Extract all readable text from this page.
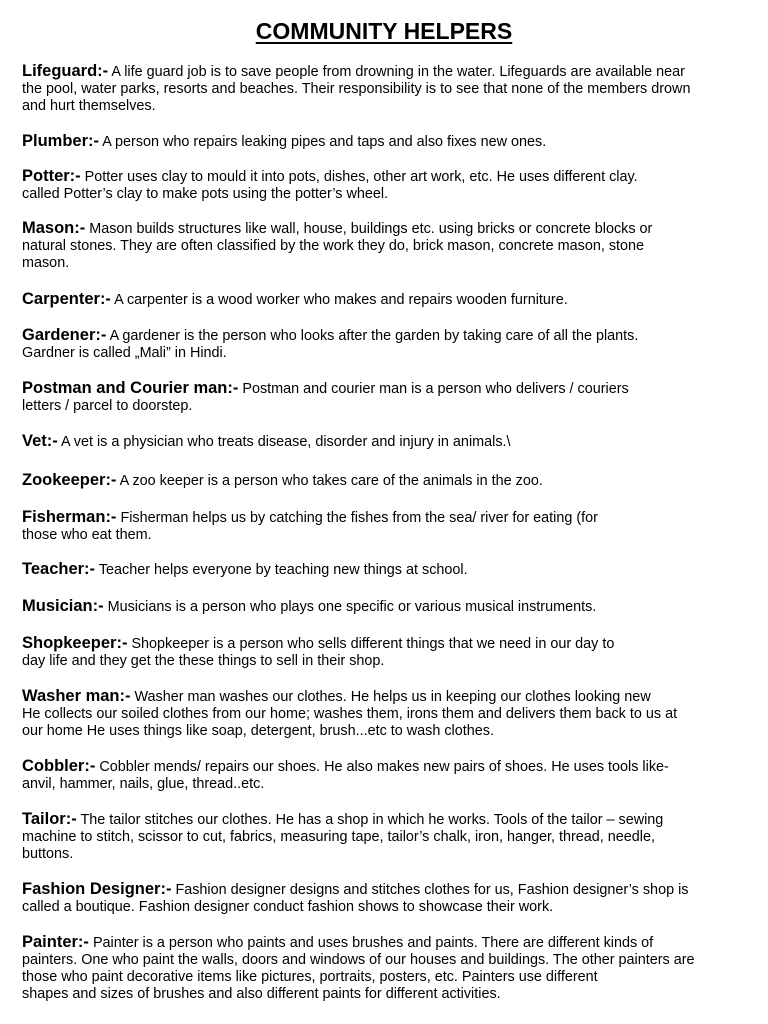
COMMUNITY HELPERS
Lifeguard:- A life guard job is to save people from drowning in the water. Lifeguards are available near
the pool, water parks, resorts and beaches. Their responsibility is to see that none of the members drown
and hurt themselves.
Plumber:- A person who repairs leaking pipes and taps and also fixes new ones.
Potter:- Potter uses clay to mould it into pots, dishes, other art work, etc. He uses different clay.
called Potter’s clay to make pots using the potter’s wheel.
Mason:- Mason builds structures like wall, house, buildings etc. using bricks or concrete blocks or
natural stones. They are often classified by the work they do, brick mason, concrete mason, stone
mason.
Carpenter:- A carpenter is a wood worker who makes and repairs wooden furniture.
Gardener:- A gardener is the person who looks after the garden by taking care of all the plants.
Gardner is called „Mali” in Hindi.
Postman and Courier man:- Postman and courier man is a person who delivers / couriers
letters / parcel to doorstep.
Vet:- A vet is a physician who treats disease, disorder and injury in animals.\
Zookeeper:- A zoo keeper is a person who takes care of the animals in the zoo.
Fisherman:- Fisherman helps us by catching the fishes from the sea/ river for eating (for
those who eat them.
Teacher:- Teacher helps everyone by teaching new things at school.
Musician:- Musicians is a person who plays one specific or various musical instruments.
Shopkeeper:- Shopkeeper is a person who sells different things that we need in our day to
day life and they get the these things to sell in their shop.
Washer man:- Washer man washes our clothes. He helps us in keeping our clothes looking new
He collects our soiled clothes from our home; washes them, irons them and delivers them back to us at
our home He uses things like soap, detergent, brush...etc to wash clothes.
Cobbler:- Cobbler mends/ repairs our shoes. He also makes new pairs of shoes. He uses tools like-
anvil, hammer, nails, glue, thread..etc.
Tailor:- The tailor stitches our clothes. He has a shop in which he works. Tools of the tailor – sewing
machine to stitch, scissor to cut, fabrics, measuring tape, tailor’s chalk, iron, hanger, thread, needle,
buttons.
Fashion Designer:- Fashion designer designs and stitches clothes for us, Fashion designer’s shop is
called a boutique. Fashion designer conduct fashion shows to showcase their work.
Painter:- Painter is a person who paints and uses brushes and paints. There are different kinds of
painters. One who paint the walls, doors and windows of our houses and buildings. The other painters are
those who paint decorative items like pictures, portraits, posters, etc. Painters use different
shapes and sizes of brushes and also different paints for different activities.
